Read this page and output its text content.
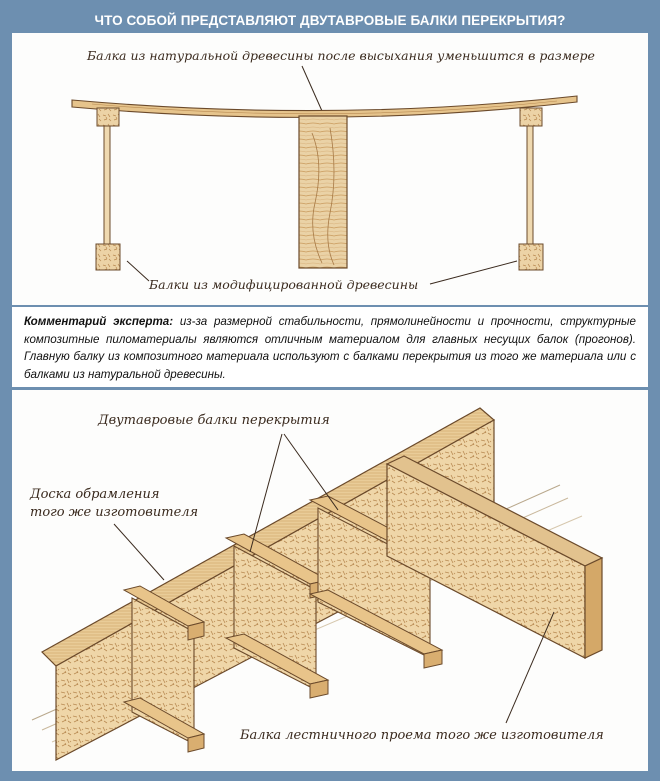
ЧТО СОБОЙ ПРЕДСТАВЛЯЮТ ДВУТАВРОВЫЕ БАЛКИ ПЕРЕКРЫТИЯ?
Балка из натуральной древесины после высыхания уменьшится в размере
Балки из модифицированной древесины
Комментарий эксперта: из-за размерной стабильности, прямолинейности и прочности, структурные композитные пиломатериалы являются отличным материалом для главных несущих балок (прогонов). Главную балку из композитного материала используют с балками перекрытия из того же материала или с балками из натуральной древесины.
Двутавровые балки перекрытия
Доска обрамления
того же изготовителя
Балка лестничного проема того же изготовителя
